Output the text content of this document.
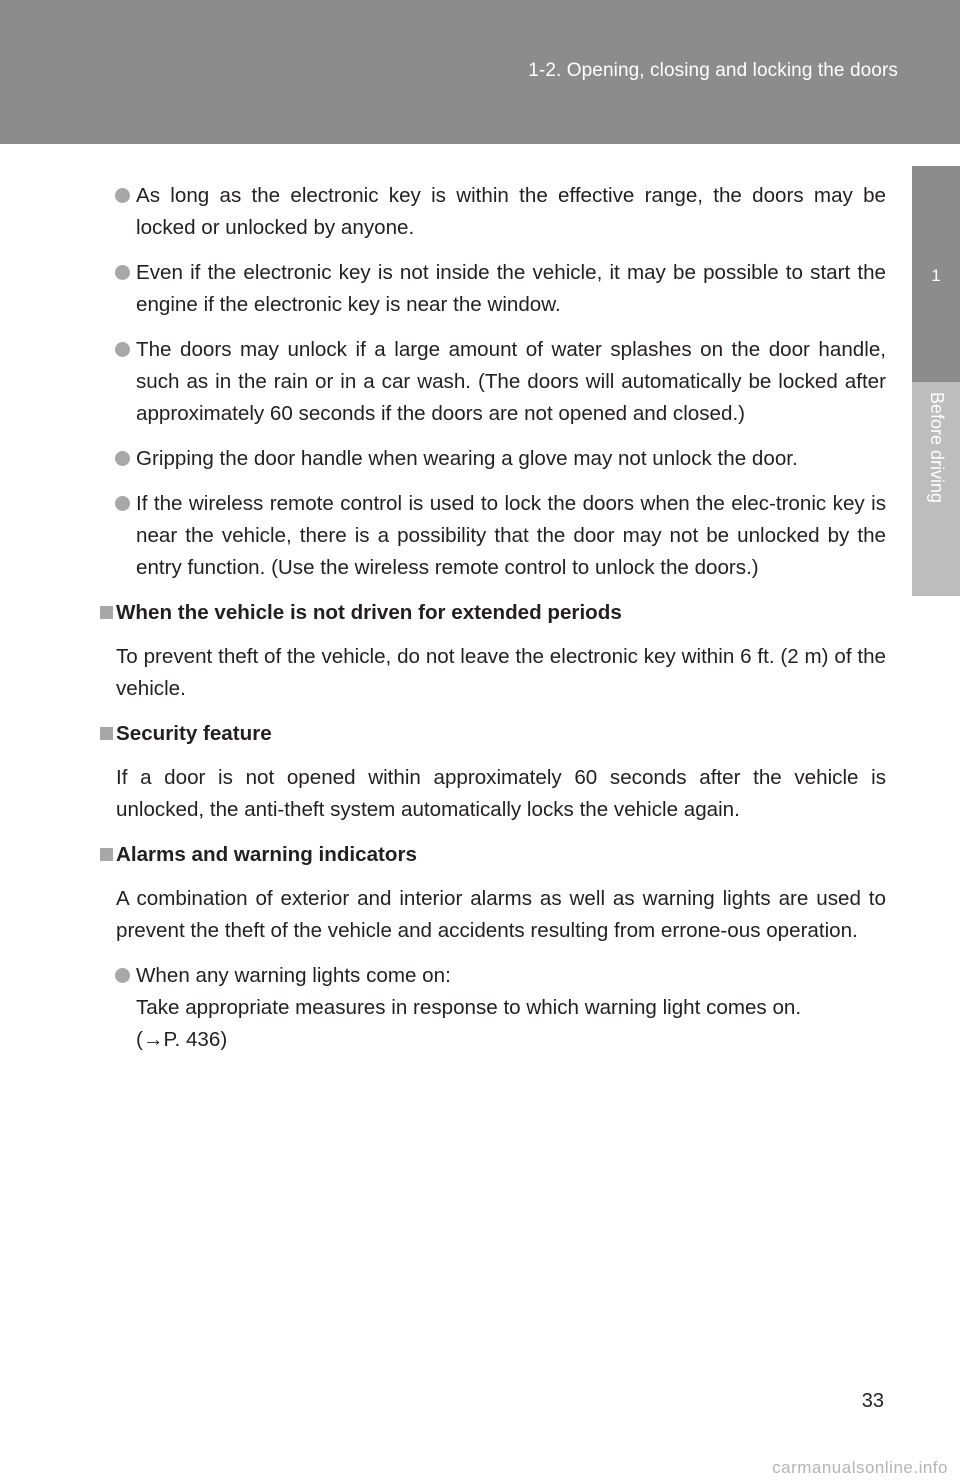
1-2. Opening, closing and locking the doors
1
Before driving
As long as the electronic key is within the effective range, the doors may be locked or unlocked by anyone.
Even if the electronic key is not inside the vehicle, it may be possible to start the engine if the electronic key is near the window.
The doors may unlock if a large amount of water splashes on the door handle, such as in the rain or in a car wash. (The doors will automatically be locked after approximately 60 seconds if the doors are not opened and closed.)
Gripping the door handle when wearing a glove may not unlock the door.
If the wireless remote control is used to lock the doors when the elec-tronic key is near the vehicle, there is a possibility that the door may not be unlocked by the entry function. (Use the wireless remote control to unlock the doors.)
When the vehicle is not driven for extended periods
To prevent theft of the vehicle, do not leave the electronic key within 6 ft. (2 m) of the vehicle.
Security feature
If a door is not opened within approximately 60 seconds after the vehicle is unlocked, the anti-theft system automatically locks the vehicle again.
Alarms and warning indicators
A combination of exterior and interior alarms as well as warning lights are used to prevent the theft of the vehicle and accidents resulting from errone-ous operation.
When any warning lights come on:
Take appropriate measures in response to which warning light comes on.
(→P. 436)
33
carmanualsonline.info
